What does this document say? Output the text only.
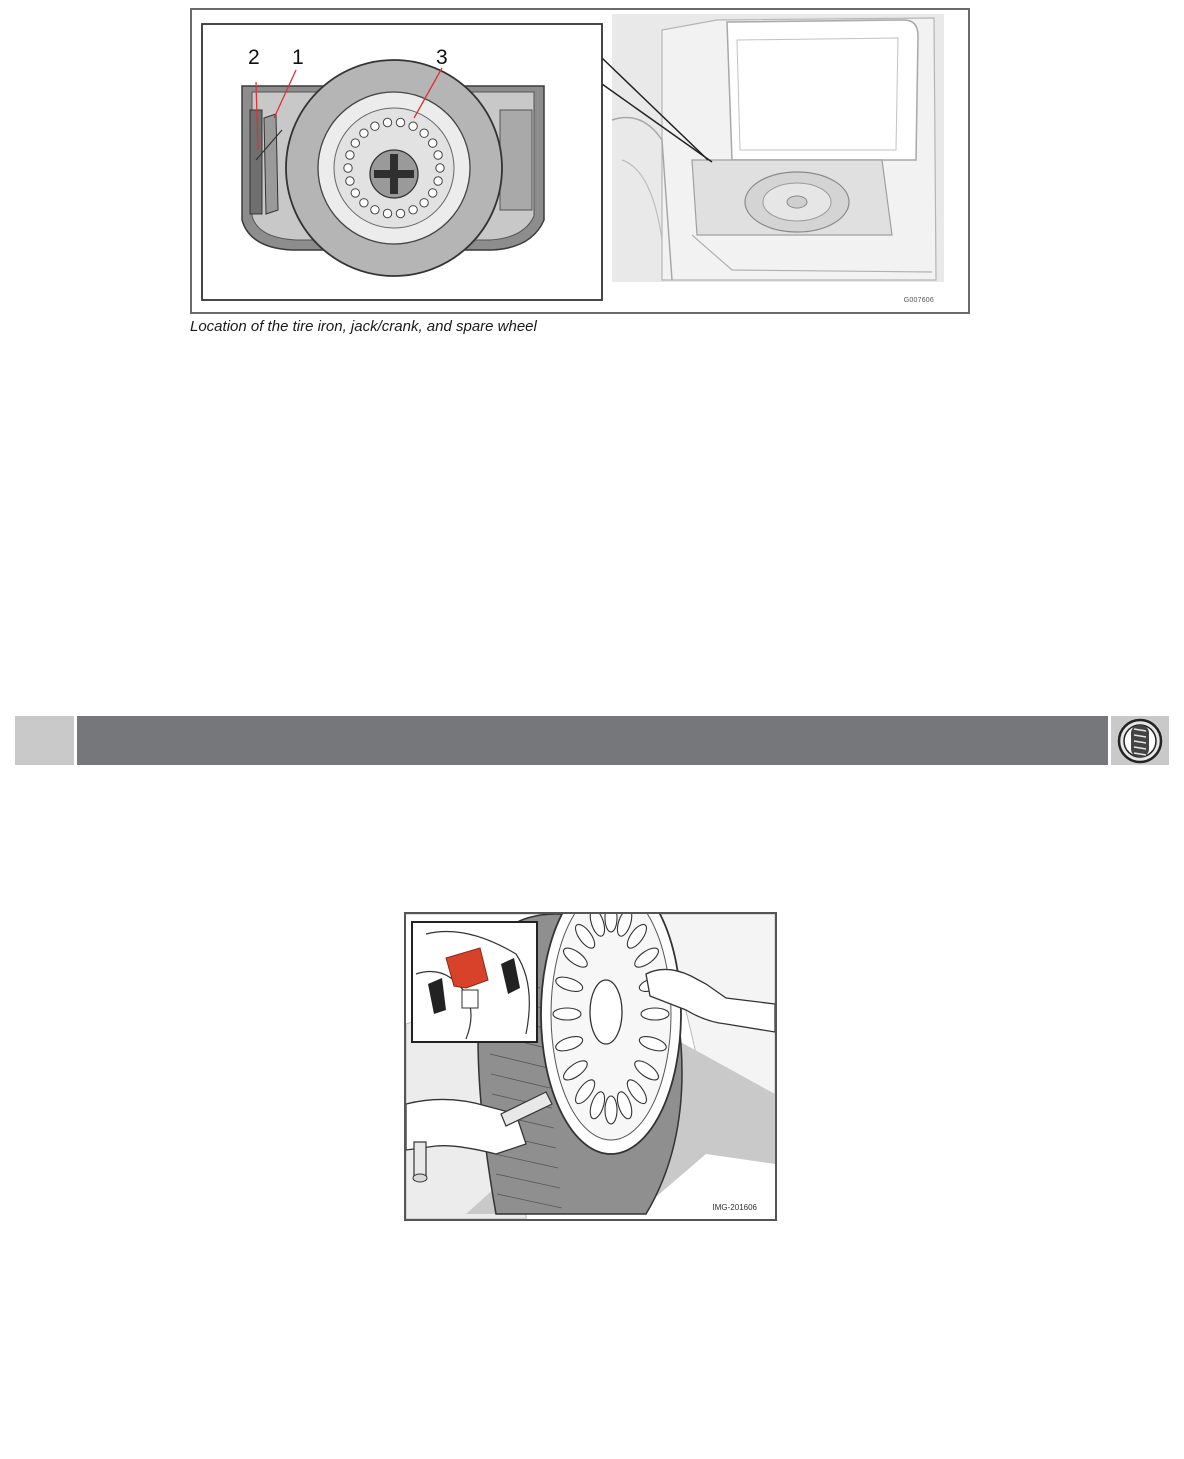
2 1	3
G007606
Location of the tire iron, jack/crank, and spare wheel
IMG-201606
